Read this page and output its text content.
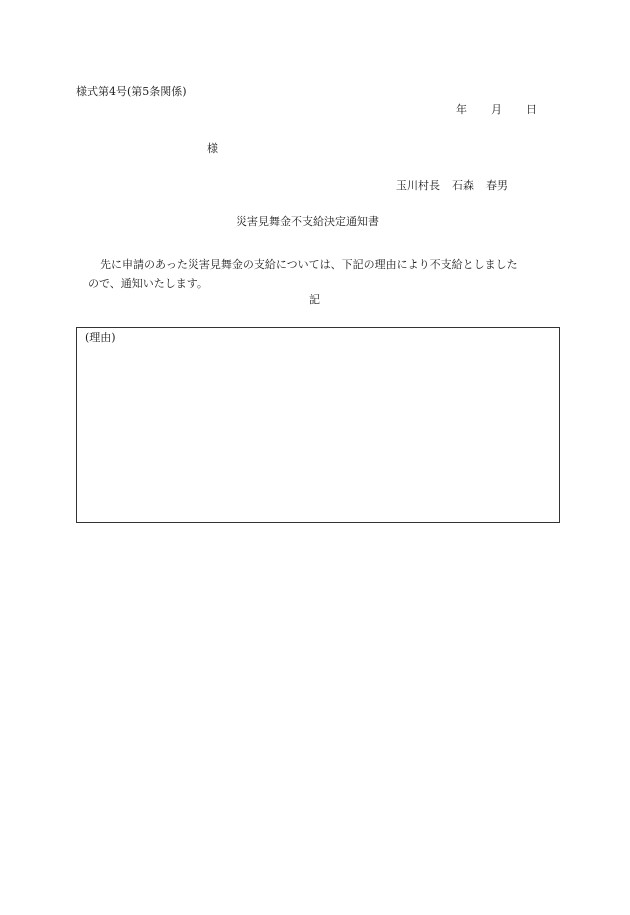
様式第4号(第5条関係)
年 月 日
様
玉川村長 石森 春男
災害見舞金不支給決定通知書
先に申請のあった災害見舞金の支給については、下記の理由により不支給としました
ので、通知いたします。
記
(理由)
